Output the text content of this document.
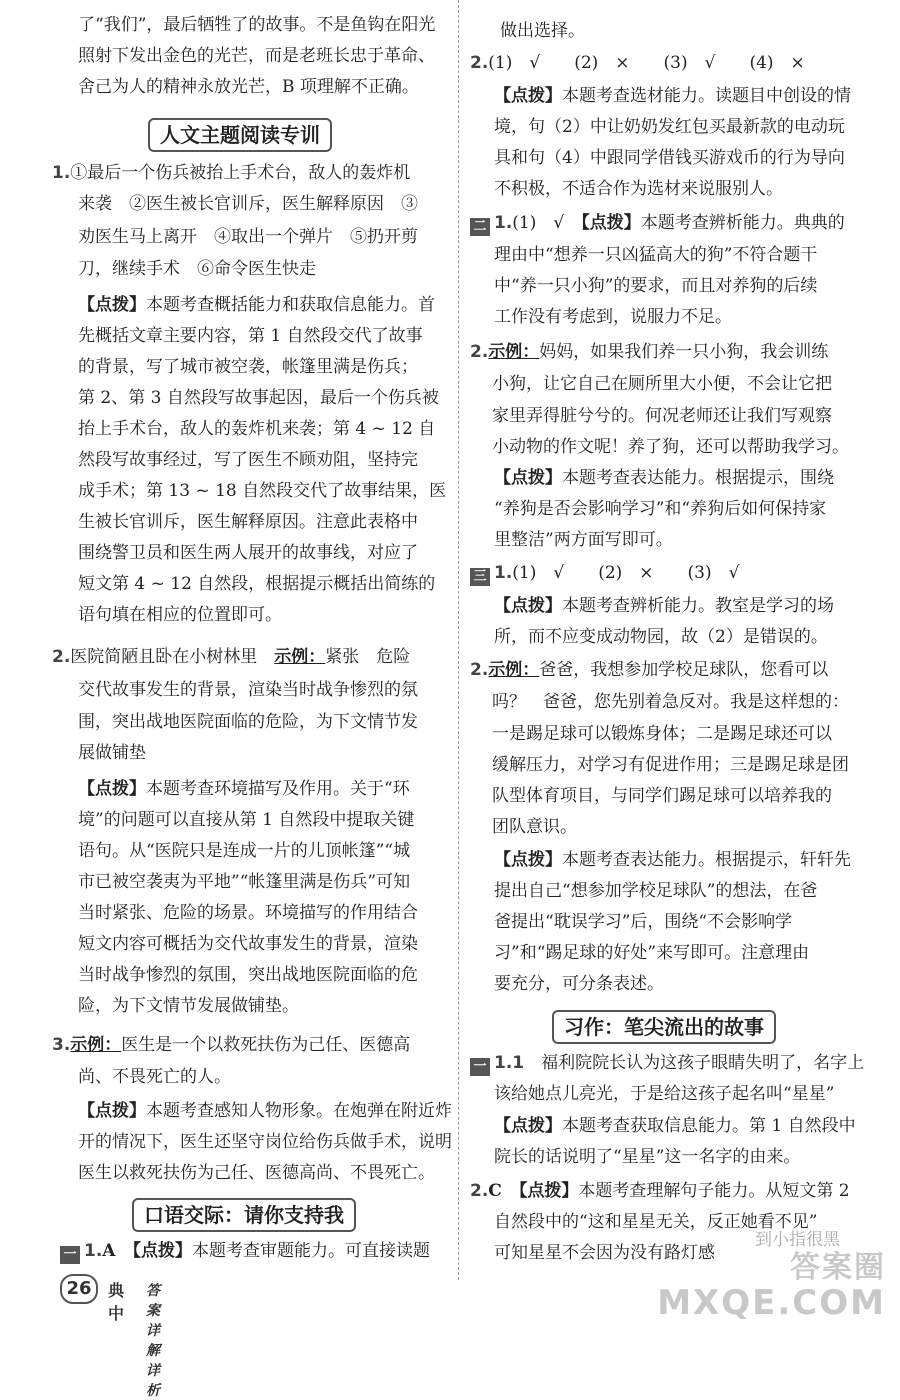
了“我们”，最后牺牲了的故事。不是鱼钩在阳光
照射下发出金色的光芒，而是老班长忠于革命、
舍己为人的精神永放光芒，B 项理解不正确。
人文主题阅读专训
1.①最后一个伤兵被抬上手术台，敌人的轰炸机
来袭　②医生被长官训斥，医生解释原因　③
劝医生马上离开　④取出一个弹片　⑤扔开剪
刀，继续手术　⑥命令医生快走
【点拨】本题考查概括能力和获取信息能力。首
先概括文章主要内容，第 1 自然段交代了故事
的背景，写了城市被空袭，帐篷里满是伤兵；
第 2、第 3 自然段写故事起因，最后一个伤兵被
抬上手术台，敌人的轰炸机来袭；第 4 ~ 12 自
然段写故事经过，写了医生不顾劝阻，坚持完
成手术；第 13 ~ 18 自然段交代了故事结果，医
生被长官训斥，医生解释原因。注意此表格中
围绕警卫员和医生两人展开的故事线，对应了
短文第 4 ~ 12 自然段，根据提示概括出简练的
语句填在相应的位置即可。
2.医院简陋且卧在小树林里　 示例：紧张　危险
交代故事发生的背景，渲染当时战争惨烈的氛
围，突出战地医院面临的危险，为下文情节发
展做铺垫
【点拨】本题考查环境描写及作用。关于“环
境”的问题可以直接从第 1 自然段中提取关键
语句。从“医院只是连成一片的儿顶帐篷”“城
市已被空袭夷为平地”“帐篷里满是伤兵”可知
当时紧张、危险的场景。环境描写的作用结合
短文内容可概括为交代故事发生的背景，渲染
当时战争惨烈的氛围，突出战地医院面临的危
险，为下文情节发展做铺垫。
3.示例：医生是一个以救死扶伤为己任、医德高
尚、不畏死亡的人。
【点拨】本题考查感知人物形象。在炮弹在附近炸
开的情况下，医生还坚守岗位给伤兵做手术，说明
医生以救死扶伤为己任、医德高尚、不畏死亡。
口语交际：请你支持我
一 1.A　 【点拨】本题考查审题能力。可直接读题
做出选择。
2.(1)　√　　(2)　×　　(3)　√　　(4)　×
【点拨】本题考查选材能力。读题目中创设的情
境，句（2）中让奶奶发红包买最新款的电动玩
具和句（4）中跟同学借钱买游戏币的行为导向
不积极，不适合作为选材来说服别人。
二 1.(1)　√　 【点拨】本题考查辨析能力。典典的
理由中“想养一只凶猛高大的狗”不符合题干
中“养一只小狗”的要求，而且对养狗的后续
工作没有考虑到，说服力不足。
2.示例：妈妈，如果我们养一只小狗，我会训练
小狗，让它自己在厕所里大小便，不会让它把
家里弄得脏兮兮的。何况老师还让我们写观察
小动物的作文呢！养了狗，还可以帮助我学习。
【点拨】本题考查表达能力。根据提示，围绕
“养狗是否会影响学习”和“养狗后如何保持家
里整洁”两方面写即可。
三 1.(1)　√　　(2)　×　　(3)　√
【点拨】本题考查辨析能力。教室是学习的场
所，而不应变成动物园，故（2）是错误的。
2.示例：爸爸，我想参加学校足球队，您看可以
吗？　爸爸，您先别着急反对。我是这样想的：
一是踢足球可以锻炼身体；二是踢足球还可以
缓解压力，对学习有促进作用；三是踢足球是团
队型体育项目，与同学们踢足球可以培养我的
团队意识。
【点拨】本题考查表达能力。根据提示，轩轩先
提出自己“想参加学校足球队”的想法，在爸
爸提出“耽误学习”后，围绕“不会影响学
习”和“踢足球的好处”来写即可。注意理由
要充分，可分条表述。
习作：笔尖流出的故事
一 1.1　 福利院院长认为这孩子眼睛失明了，名字上
该给她点儿亮光，于是给这孩子起名叫“星星”
【点拨】本题考查获取信息能力。第 1 自然段中
院长的话说明了“星星”这一名字的由来。
2.C　 【点拨】本题考查理解句子能力。从短文第 2
自然段中的“这和星星无关，反正她看不见”
可知星星不会因为没有路灯感
26	典中
答案详解详析
到小指很黑
答案圈
MXQE.COM
